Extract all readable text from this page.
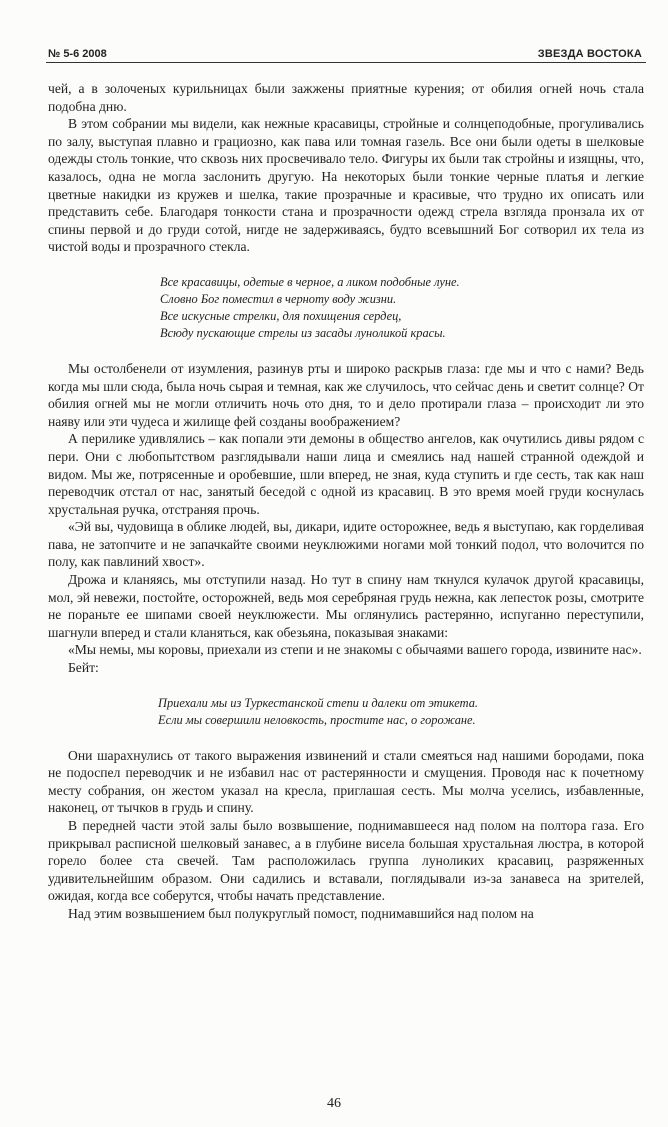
№ 5-6 2008	ЗВЕЗДА ВОСТОКА

чей, а в золоченых курильницах были зажжены приятные курения; от обилия огней ночь стала подобна дню.

В этом собрании мы видели, как нежные красавицы, стройные и солнцеподобные, прогуливались по залу, выступая плавно и грациозно, как пава или томная газель. Все они были одеты в шелковые одежды столь тонкие, что сквозь них просвечивало тело. Фигуры их были так стройны и изящны, что, казалось, одна не могла заслонить другую. На некоторых были тонкие черные платья и легкие цветные накидки из кружев и шелка, такие прозрачные и красивые, что трудно их описать или представить себе. Благодаря тонкости стана и прозрачности одежд стрела взгляда пронзала их от спины первой и до груди сотой, нигде не задерживаясь, будто всевышний Бог сотворил их тела из чистой воды и прозрачного стекла.

Все красавицы, одетые в черное, а ликом подобные луне.
Словно Бог поместил в черноту воду жизни.
Все искусные стрелки, для похищения сердец,
Всюду пускающие стрелы из засады луноликой красы.

Мы остолбенели от изумления, разинув рты и широко раскрыв глаза: где мы и что с нами? Ведь когда мы шли сюда, была ночь сырая и темная, как же случилось, что сейчас день и светит солнце? От обилия огней мы не могли отличить ночь ото дня, то и дело протирали глаза – происходит ли это наяву или эти чудеса и жилище фей созданы воображением?

А перилике удивлялись – как попали эти демоны в общество ангелов, как очутились дивы рядом с пери. Они с любопытством разглядывали наши лица и смеялись над нашей странной одеждой и видом. Мы же, потрясенные и оробевшие, шли вперед, не зная, куда ступить и где сесть, так как наш переводчик отстал от нас, занятый беседой с одной из красавиц. В это время моей груди коснулась хрустальная ручка, отстраняя прочь.

«Эй вы, чудовища в облике людей, вы, дикари, идите осторожнее, ведь я выступаю, как горделивая пава, не затопчите и не запачкайте своими неуклюжими ногами мой тонкий подол, что волочится по полу, как павлиний хвост».

Дрожа и кланяясь, мы отступили назад. Но тут в спину нам ткнулся кулачок другой красавицы, мол, эй невежи, постойте, осторожней, ведь моя серебряная грудь нежна, как лепесток розы, смотрите не пораньте ее шипами своей неуклюжести. Мы оглянулись растерянно, испуганно переступили, шагнули вперед и стали кланяться, как обезьяна, показывая знаками:

«Мы немы, мы коровы, приехали из степи и не знакомы с обычаями вашего города, извините нас».

Бейт:

Приехали мы из Туркестанской степи и далеки от этикета.
Если мы совершили неловкость, простите нас, о горожане.

Они шарахнулись от такого выражения извинений и стали смеяться над нашими бородами, пока не подоспел переводчик и не избавил нас от растерянности и смущения. Проводя нас к почетному месту собрания, он жестом указал на кресла, приглашая сесть. Мы молча уселись, избавленные, наконец, от тычков в грудь и спину.

В передней части этой залы было возвышение, поднимавшееся над полом на полтора газа. Его прикрывал расписной шелковый занавес, а в глубине висела большая хрустальная люстра, в которой горело более ста свечей. Там расположилась группа луноликих красавиц, разряженных удивительнейшим образом. Они садились и вставали, поглядывали из-за занавеса на зрителей, ожидая, когда все соберутся, чтобы начать представление.

Над этим возвышением был полукруглый помост, поднимавшийся над полом на

46
